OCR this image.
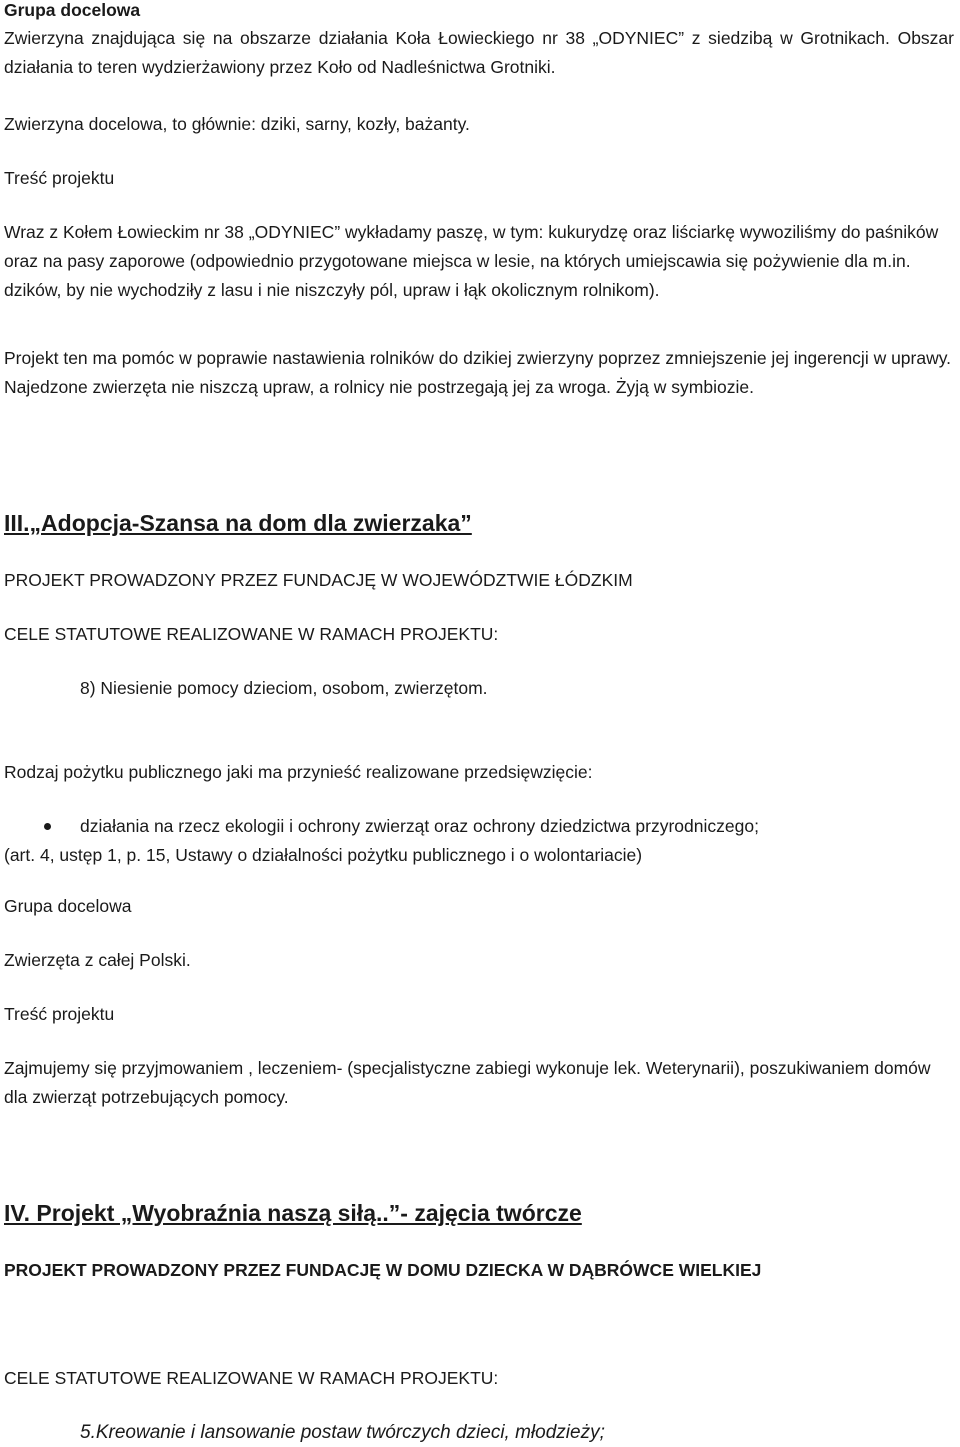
Grupa docelowa

Zwierzyna znajdująca się na obszarze działania Koła Łowieckiego nr 38 „ODYNIEC” z siedzibą w Grotnikach. Obszar działania to teren wydzierżawiony przez Koło od Nadleśnictwa Grotniki.

Zwierzyna docelowa, to głównie: dziki, sarny, kozły, bażanty.

Treść projektu

Wraz z Kołem Łowieckim nr 38 „ODYNIEC” wykładamy paszę, w tym: kukurydzę oraz liściarkę wywoziliśmy do paśników oraz na pasy zaporowe (odpowiednio przygotowane miejsca w lesie, na których umiejscawia się pożywienie dla m.in. dzików, by nie wychodziły z lasu i nie niszczyły pól, upraw i łąk okolicznym rolnikom).

Projekt ten ma pomóc w poprawie nastawienia rolników do dzikiej zwierzyny poprzez zmniejszenie jej ingerencji w uprawy. Najedzone zwierzęta nie niszczą upraw, a rolnicy nie postrzegają jej za wroga. Żyją w symbiozie.

III.„Adopcja-Szansa na dom dla zwierzaka”

PROJEKT PROWADZONY PRZEZ FUNDACJĘ W WOJEWÓDZTWIE ŁÓDZKIM

CELE STATUTOWE REALIZOWANE W RAMACH PROJEKTU:

8) Niesienie pomocy dzieciom, osobom, zwierzętom.

Rodzaj pożytku publicznego jaki ma przynieść realizowane przedsięwzięcie:

działania na rzecz ekologii i ochrony zwierząt oraz ochrony dziedzictwa przyrodniczego;

(art. 4, ustęp 1, p. 15, Ustawy o działalności pożytku publicznego i o wolontariacie)

Grupa docelowa

Zwierzęta z całej Polski.

Treść projektu

Zajmujemy się przyjmowaniem , leczeniem- (specjalistyczne zabiegi wykonuje lek. Weterynarii), poszukiwaniem domów dla zwierząt potrzebujących pomocy.

IV. Projekt „Wyobraźnia naszą siłą..”- zajęcia twórcze

PROJEKT PROWADZONY PRZEZ FUNDACJĘ W DOMU DZIECKA W DĄBRÓWCE WIELKIEJ

CELE STATUTOWE REALIZOWANE W RAMACH PROJEKTU:

5.Kreowanie i lansowanie postaw twórczych dzieci, młodzieży;
